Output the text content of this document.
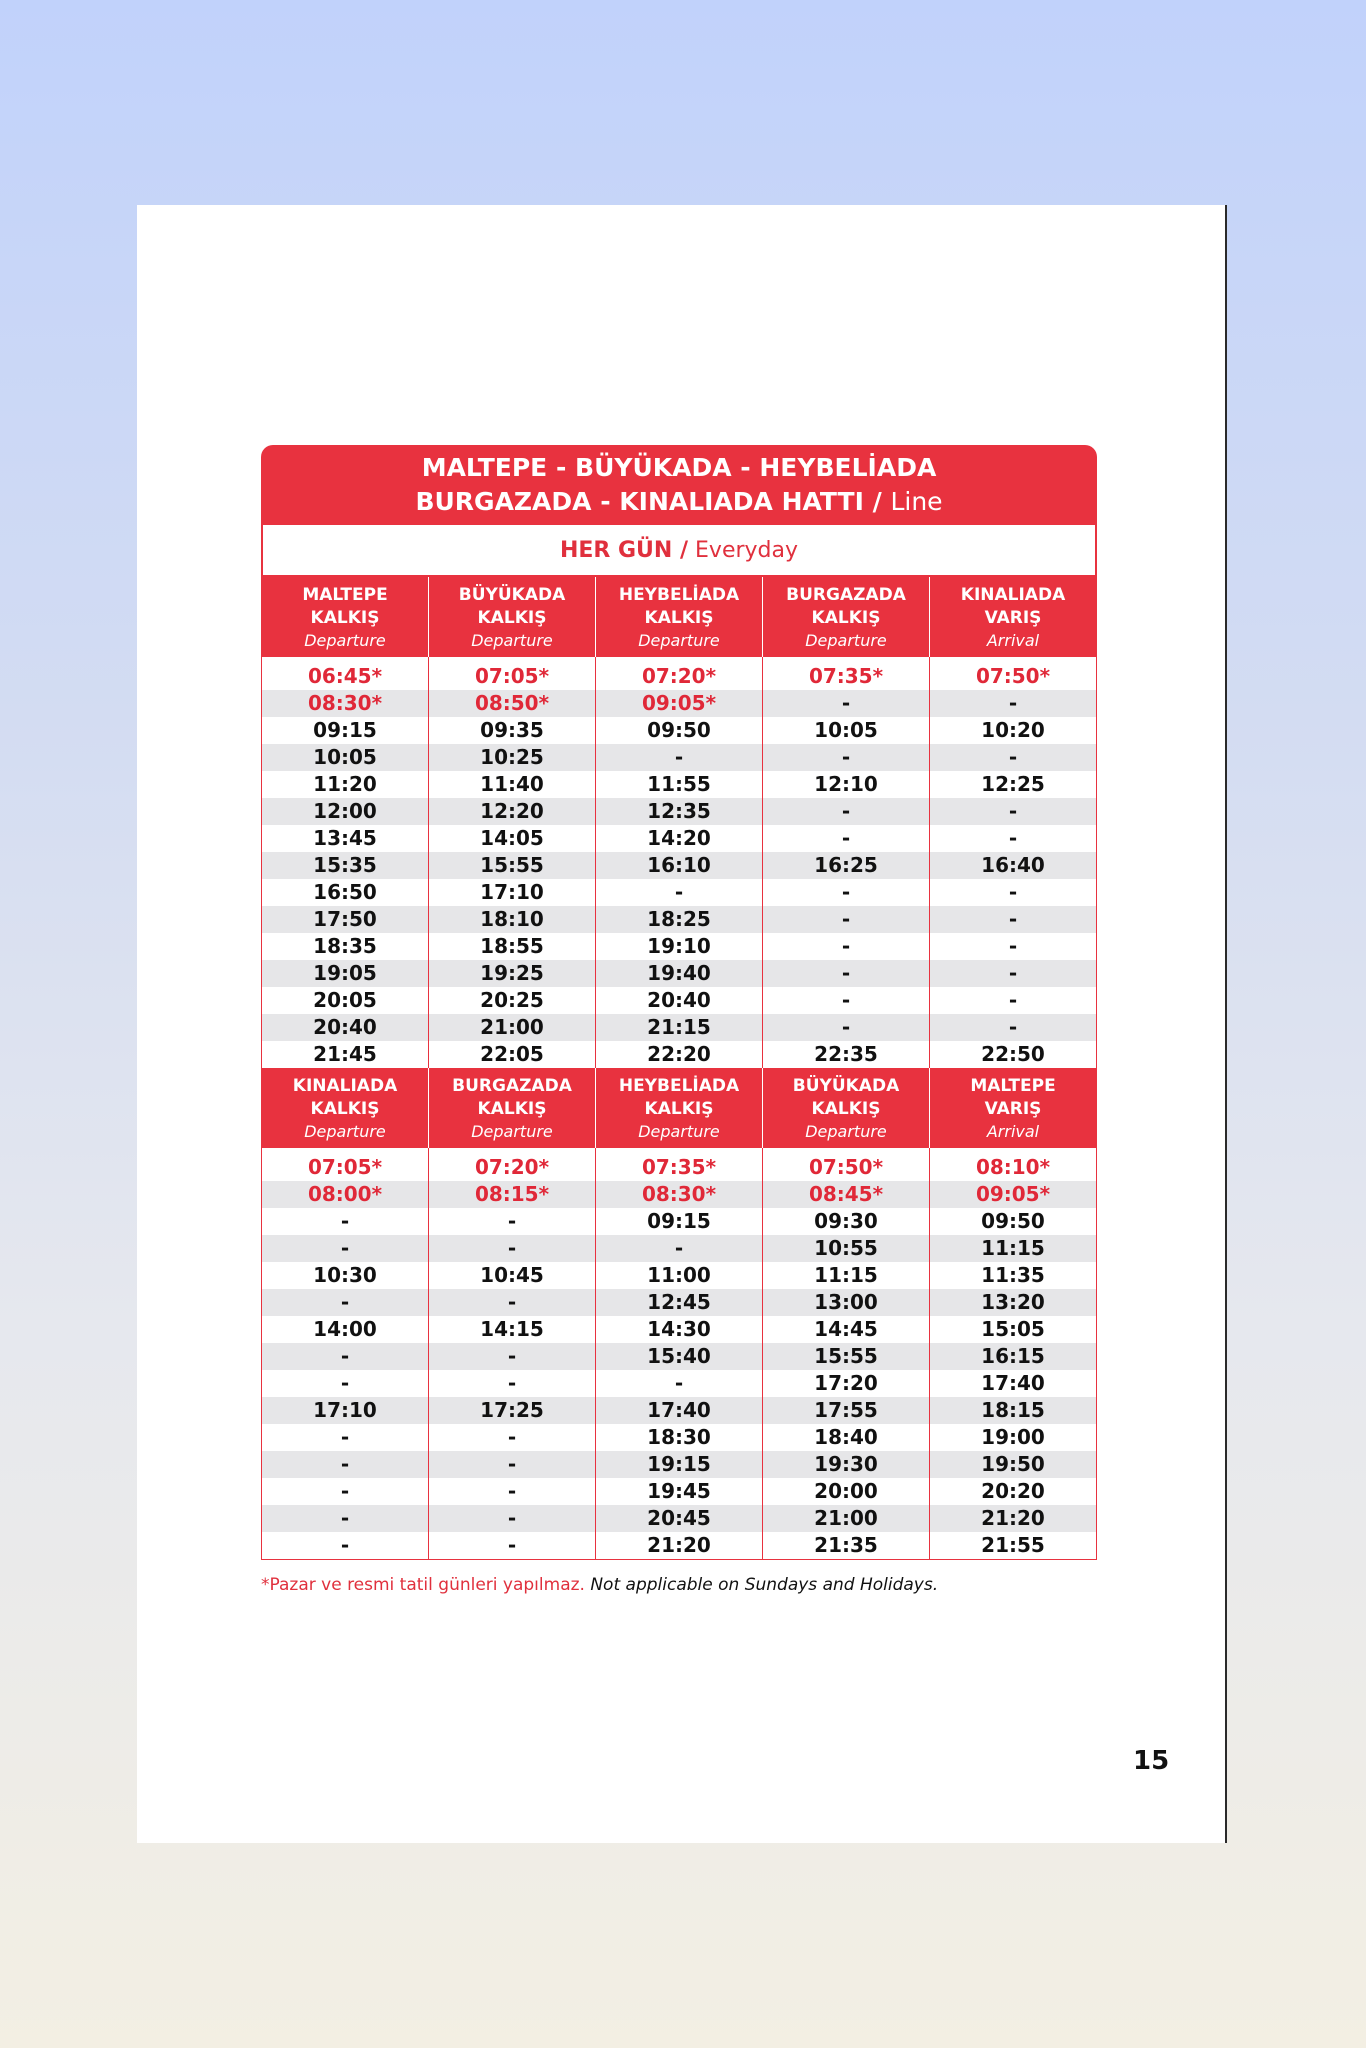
MALTEPE - BÜYÜKADA - HEYBELİADA
BURGAZADA - KINALIADA HATTI / Line
HER GÜN /
Everyday
MALTEPE
KALKIŞ
Departure	BÜYÜKADA
KALKIŞ
Departure	HEYBELİADA
KALKIŞ
Departure	BURGAZADA
KALKIŞ
Departure	KINALIADA
VARIŞ
Arrival

06:45*	07:05*	07:20*	07:35*	07:50*
08:30*	08:50*	09:05*	-	-
09:15	09:35	09:50	10:05	10:20
10:05	10:25	-	-	-
11:20	11:40	11:55	12:10	12:25
12:00	12:20	12:35	-	-
13:45	14:05	14:20	-	-
15:35	15:55	16:10	16:25	16:40
16:50	17:10	-	-	-
17:50	18:10	18:25	-	-
18:35	18:55	19:10	-	-
19:05	19:25	19:40	-	-
20:05	20:25	20:40	-	-
20:40	21:00	21:15	-	-
21:45	22:05	22:20	22:35	22:50

KINALIADA
KALKIŞ
Departure	BURGAZADA
KALKIŞ
Departure	HEYBELİADA
KALKIŞ
Departure	BÜYÜKADA
KALKIŞ
Departure	MALTEPE
VARIŞ
Arrival

07:05*	07:20*	07:35*	07:50*	08:10*
08:00*	08:15*	08:30*	08:45*	09:05*
-	-	09:15	09:30	09:50
-	-	-	10:55	11:15
10:30	10:45	11:00	11:15	11:35
-	-	12:45	13:00	13:20
14:00	14:15	14:30	14:45	15:05
-	-	15:40	15:55	16:15
-	-	-	17:20	17:40
17:10	17:25	17:40	17:55	18:15
-	-	18:30	18:40	19:00
-	-	19:15	19:30	19:50
-	-	19:45	20:00	20:20
-	-	20:45	21:00	21:20
-	-	21:20	21:35	21:55
*Pazar ve resmi tatil günleri yapılmaz. Not applicable on Sundays and Holidays.
15
